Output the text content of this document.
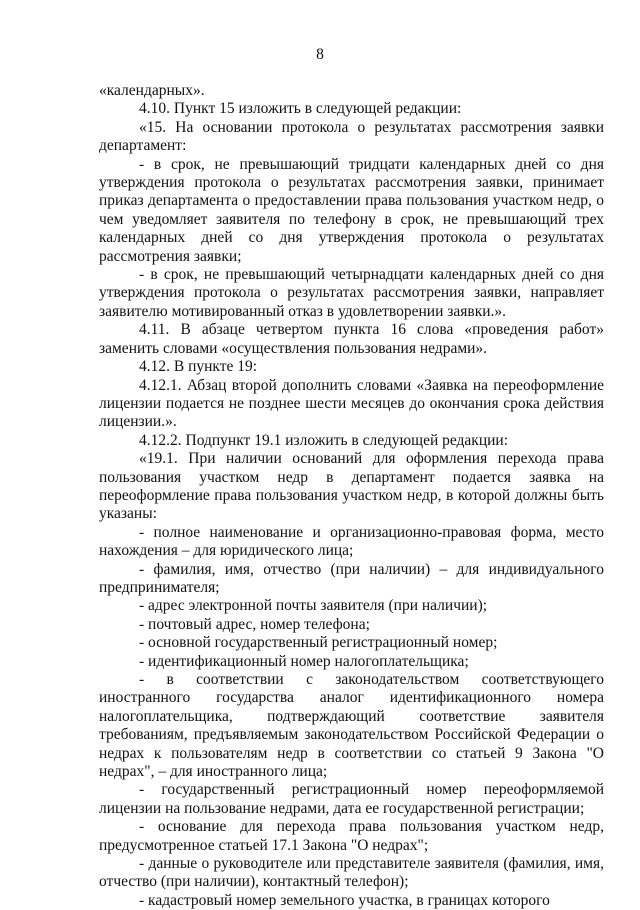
8

«календарных».

4.10. Пункт 15 изложить в следующей редакции:

«15. На основании протокола о результатах рассмотрения заявки департамент:

- в срок, не превышающий тридцати календарных дней со дня утверждения протокола о результатах рассмотрения заявки, принимает приказ департамента о предоставлении права пользования участком недр, о чем уведомляет заявителя по телефону в срок, не превышающий трех календарных дней со дня утверждения протокола о результатах рассмотрения заявки;

- в срок, не превышающий четырнадцати календарных дней со дня утверждения протокола о результатах рассмотрения заявки, направляет заявителю мотивированный отказ в удовлетворении заявки.».

4.11. В абзаце четвертом пункта 16 слова «проведения работ» заменить словами «осуществления пользования недрами».

4.12. В пункте 19:

4.12.1. Абзац второй дополнить словами «Заявка на переоформление лицензии подается не позднее шести месяцев до окончания срока действия лицензии.».

4.12.2. Подпункт 19.1 изложить в следующей редакции:

«19.1. При наличии оснований для оформления перехода права пользования участком недр в департамент подается заявка на переоформление права пользования участком недр, в которой должны быть указаны:

- полное наименование и организационно-правовая форма, место нахождения – для юридического лица;

- фамилия, имя, отчество (при наличии) – для индивидуального предпринимателя;

- адрес электронной почты заявителя (при наличии);

- почтовый адрес, номер телефона;

- основной государственный регистрационный номер;

- идентификационный номер налогоплательщика;

- в соответствии с законодательством соответствующего иностранного государства аналог идентификационного номера налогоплательщика, подтверждающий соответствие заявителя требованиям, предъявляемым законодательством Российской Федерации о недрах к пользователям недр в соответствии со статьей 9 Закона "О недрах", – для иностранного лица;

- государственный регистрационный номер переоформляемой лицензии на пользование недрами, дата ее государственной регистрации;

- основание для перехода права пользования участком недр, предусмотренное статьей 17.1 Закона "О недрах";

- данные о руководителе или представителе заявителя (фамилия, имя, отчество (при наличии), контактный телефон);

- кадастровый номер земельного участка, в границах которого
